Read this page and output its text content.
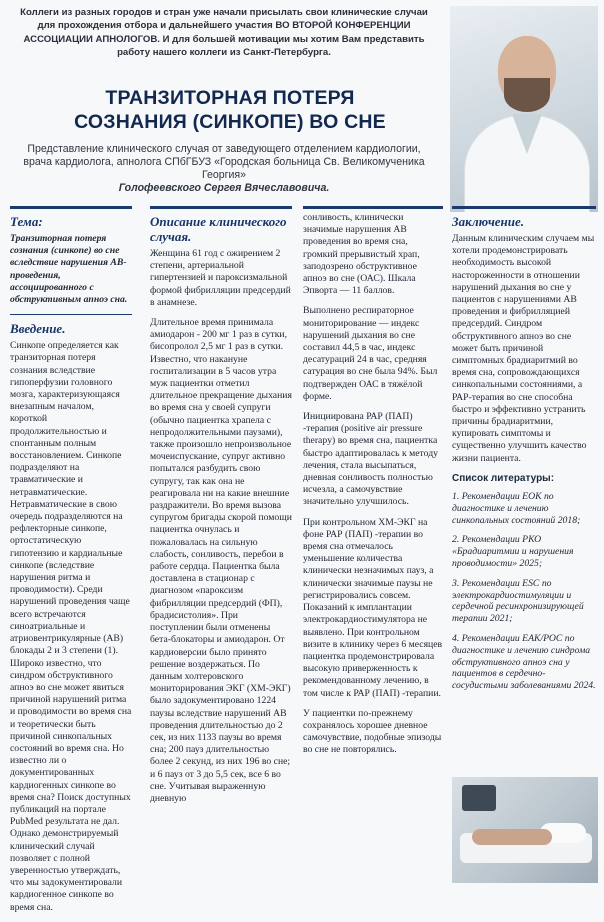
Коллеги из разных городов и стран уже начали присылать свои клинические случаи для прохождения отбора и дальнейшего участия ВО ВТОРОЙ КОНФЕРЕНЦИИ АССОЦИАЦИИ АПНОЛОГОВ. И для большей мотивации мы хотим Вам представить работу нашего коллеги из Санкт-Петербурга.
ТРАНЗИТОРНАЯ ПОТЕРЯ
СОЗНАНИЯ (СИНКОПЕ) ВО СНЕ
Представление клинического случая от заведующего отделением кардиологии, врача кардиолога, апнолога СПбГБУЗ «Городская больница Св. Великомученика Георгия»
Голофеевского Сергея Вячеславовича.
Тема:

Транзиторная потеря сознания (синкопе) во сне вследствие нарушения АВ-проведения, ассоциированного с обструктивным апноэ сна.

Введение.

Синкопе определяется как транзиторная потеря сознания вследствие гипоперфузии головного мозга, характеризующаяся внезапным началом, короткой продолжительностью и спонтанным полным восстановлением. Синкопе подразделяют на травматические и нетравматические. Нетравматические в свою очередь подразделяются на рефлекторные синкопе, ортостатическую гипотензию и кардиальные синкопе (вследствие нарушения ритма и проводимости). Среди нарушений проведения чаще всего встречаются синоатриальные и атриовентрикулярные (АВ) блокады 2 и 3 степени (1). Широко известно, что синдром обструктивного апноэ во сне может явиться причиной нарушений ритма и проводимости во время сна и теоретически быть причиной синкопальных состояний во время сна. Но известно ли о документированных кардиогенных синкопе во время сна? Поиск доступных публикаций на портале PubMed результата не дал. Однако демонстрируемый клинический случай позволяет с полной уверенностью утверждать, что мы задокументировали кардиогенное синкопе во время сна.

Описание клинического случая.

Женщина 61 год с ожирением 2 степени, артериальной гипертензией и пароксизмальной формой фибрилляции предсердий в анамнезе.

Длительное время принимала амиодарон - 200 мг 1 раз в сутки, бисопролол 2,5 мг 1 раз в сутки. Известно, что накануне госпитализации в 5 часов утра муж пациентки отметил длительное прекращение дыхания во время сна у своей супруги (обычно пациентка храпела с непродолжительными паузами), также произошло непроизвольное мочеиспускание, супруг активно попытался разбудить свою супругу, так как она не реагировала ни на какие внешние раздражители. Во время вызова супругом бригады скорой помощи пациентка очнулась и пожаловалась на сильную слабость, сонливость, перебои в работе сердца. Пациентка была доставлена в стационар с диагнозом «пароксизм фибрилляции предсердий (ФП), брадисистолия». При поступлении были отменены бета-блокаторы и амиодарон. От кардиоверсии было принято решение воздержаться. По данным холтеровского мониторирования ЭКГ (ХМ-ЭКГ) было задокументировано 1224 паузы вследствие нарушений АВ проведения длительностью до 2 сек, из них 1133 паузы во время сна; 200 пауз длительностью более 2 секунд, из них 196 во сне; и 6 пауз от 3 до 5,5 сек, все 6 во сне. Учитывая выраженную дневную

сонливость, клинически значимые нарушения АВ проведения во время сна, громкий прерывистый храп, заподозрено обструктивное апноэ во сне (ОАС). Шкала Эпворта — 11 баллов.

Выполнено респираторное мониторирование — индекс нарушений дыхания во сне составил 44,5 в час, индекс десатураций 24 в час, средняя сатурация во сне была 94%. Был подтвержден ОАС в тяжёлой форме.

Инициирована РАР (ПАП) -терапия (positive air pressure therapy) во время сна, пациентка быстро адаптировалась к методу лечения, стала высыпаться, дневная сонливость полностью исчезла, а самочувствие значительно улучшилось.

При контрольном ХМ-ЭКГ на фоне РАР (ПАП) -терапии во время сна отмечалось уменьшение количества клинически незначимых пауз, а клинически значимые паузы не регистрировались совсем. Показаний к имплантации электрокардиостимулятора не выявлено. При контрольном визите в клинику через 6 месяцев пациентка продемонстрировала высокую приверженность к рекомендованному лечению, в том числе к РАР (ПАП) -терапии.

У пациентки по-прежнему сохранялось хорошее дневное самочувствие, подобные эпизоды во сне не повторялись.

Заключение.

Данным клиническим случаем мы хотели продемонстрировать необходимость высокой настороженности в отношении нарушений дыхания во сне у пациентов с нарушениями АВ проведения и фибрилляцией предсердий. Синдром обструктивного апноэ во сне может быть причиной симптомных брадиаритмий во время сна, сопровождающихся синкопальными состояниями, а РАР-терапия во сне способна быстро и эффективно устранить причины брадиаритмии, купировать симптомы и существенно улучшить качество жизни пациента.

Список литературы:

1. Рекомендации ЕОК по диагностике и лечению синкопальных состояний 2018;

2. Рекомендации РКО «Брадиаритмии и нарушения проводимости» 2025;

3. Рекомендации ESC по электрокардиостимуляции и сердечной ресинхронизирующей терапии 2021;

4. Рекомендации ЕАК/РОС по диагностике и лечению синдрома обструктивного апноэ сна у пациентов в сердечно-сосудистыми заболеваниями 2024.
